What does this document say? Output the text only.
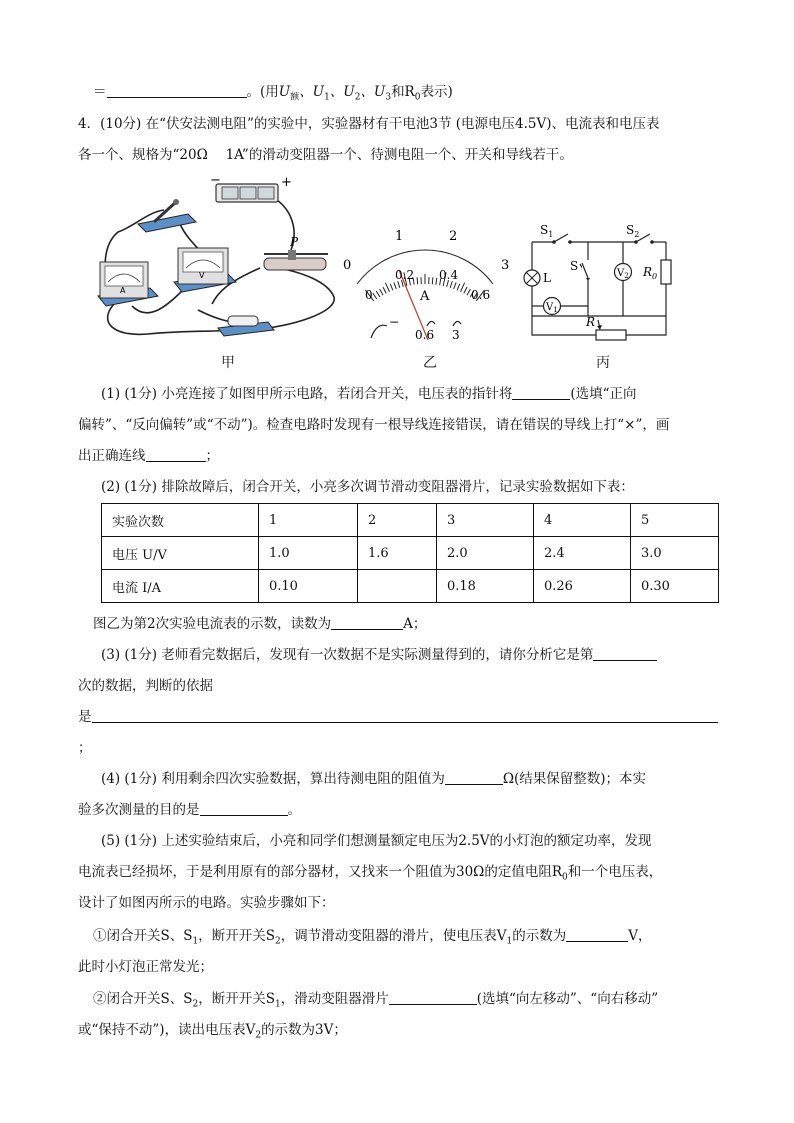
＝	。(用$U_额$、$U_1$、$U_2$、$U_3$和$R_0$表示)
4．(10分) 在“伏安法测电阻”的实验中，实验器材有干电池3节 (电源电压4.5V)、电流表和电压表
各一个、规格为“20Ω　 1A”的滑动变阻器一个、待测电阻一个、开关和导线若干。
−	+
A
V
P
甲
0
1	2
3
0
0.2 0.4
0.6
A
−
0.6 3
乙
$S_1$	$S_2$
L
S
$V_2$ $R_0$
$V_1$
R
丙
(1) (1分) 小亮连接了如图甲所示电路，若闭合开关，电压表的指针将	(选填“正向
偏转”、“反向偏转”或“不动”)。检查电路时发现有一根导线连接错误，请在错误的导线上打“×”，画
出正确连线	；
(2) (1分) 排除故障后，闭合开关，小亮多次调节滑动变阻器滑片，记录实验数据如下表：
实验次数	1	2	3	4	5
电压 U/V	1.0	1.6	2.0	2.4	3.0
电流 I/A	0.10		0.18	0.26	0.30
图乙为第2次实验电流表的示数，读数为	A；
(3) (1分) 老师看完数据后，发现有一次数据不是实际测量得到的，请你分析它是第
次的数据，判断的依据
是
；
(4) (1分) 利用剩余四次实验数据，算出待测电阻的阻值为	Ω(结果保留整数)；本实
验多次测量的目的是	。
(5) (1分) 上述实验结束后，小亮和同学们想测量额定电压为2.5V的小灯泡的额定功率，发现
电流表已经损坏，于是利用原有的部分器材，又找来一个阻值为30Ω的定值电阻$R_0$和一个电压表，
设计了如图丙所示的电路。实验步骤如下：
①闭合开关S、$S_1$，断开开关$S_2$，调节滑动变阻器的滑片，使电压表$V_1$的示数为	V，
此时小灯泡正常发光；
②闭合开关S、$S_2$，断开开关$S_1$，滑动变阻器滑片	(选填“向左移动”、“向右移动”
或“保持不动”)，读出电压表$V_2$的示数为3V；
